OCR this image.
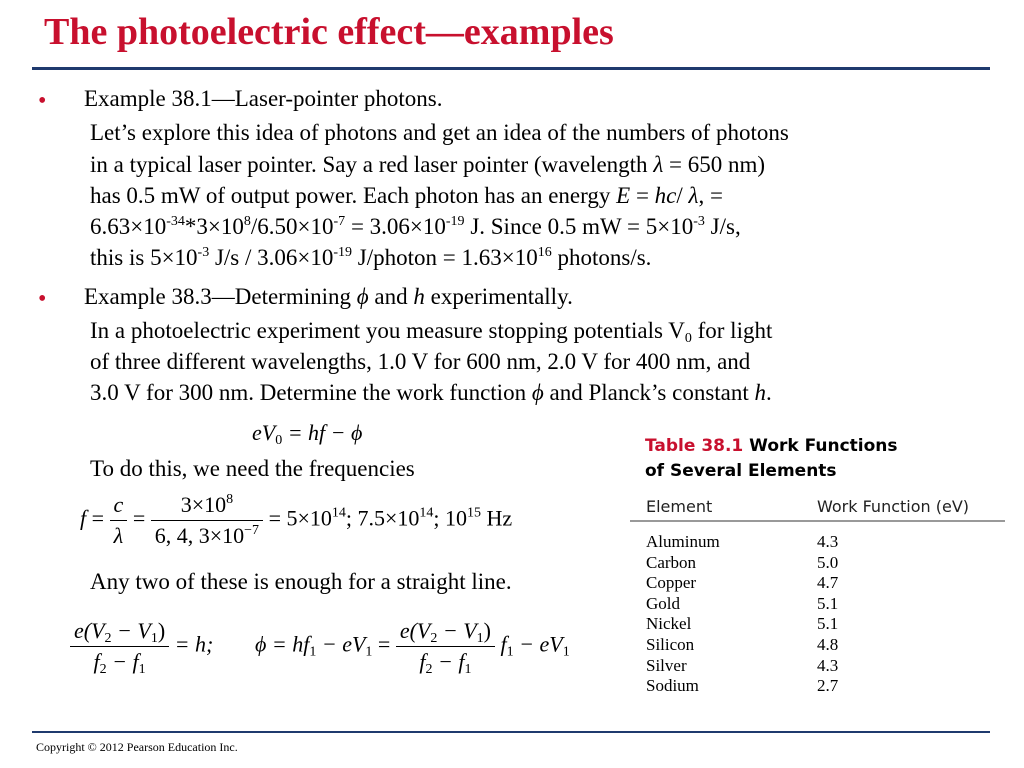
The photoelectric effect—examples
• Example 38.1—Laser-pointer photons.
Let’s explore this idea of photons and get an idea of the numbers of photons
in a typical laser pointer. Say a red laser pointer (wavelength λ = 650 nm)
has 0.5 mW of output power. Each photon has an energy E = hc/ λ, =
$6.63\times 10^{-34}*3\times 10^8/6.50\times 10^{-7} = 3.06\times 10^{-19}$ J. Since 0.5 mW = $5\times 10^{-3}$ J/s,
this is $5\times 10^{-3}$ $J/s / 3.06\times 10^{-19}$ J/photon = $1.63\times 10^{16}$ photons/s.
• Example 38.3—Determining ϕ and h experimentally.
In a photoelectric experiment you measure stopping potentials $V_0$ for light
of three different wavelengths, 1.0 V for 600 nm, 2.0 V for 400 nm, and
3.0 V for 300 nm. Determine the work function ϕ and Planck’s constant h.
$eV_0$ = hf − ϕ
To do this, we need the frequencies
$f = \frac{c}{\lambda} = \frac{3\times 10^8}{6, 4, 3\times 10^{-7}} = 5\times 10^{14}$; $7.5\times 10^{14}$; $10^{15}$ Hz
Any two of these is enough for a straight line.
$\frac{e(V_2 - V_1)}{f_2 - f_1} = h$; $\phi = hf_1 - eV_1 = \frac{e(V_2 - V_1)}{f_2 - f_1} f_1 - eV_1$
Table 38.1 Work Functions
of Several Elements
Element	Work Function (eV)
Aluminum	4.3
Carbon	5.0
Copper	4.7
Gold	5.1
Nickel	5.1
Silicon	4.8
Silver	4.3
Sodium	2.7
Copyright © 2012 Pearson Education Inc.
